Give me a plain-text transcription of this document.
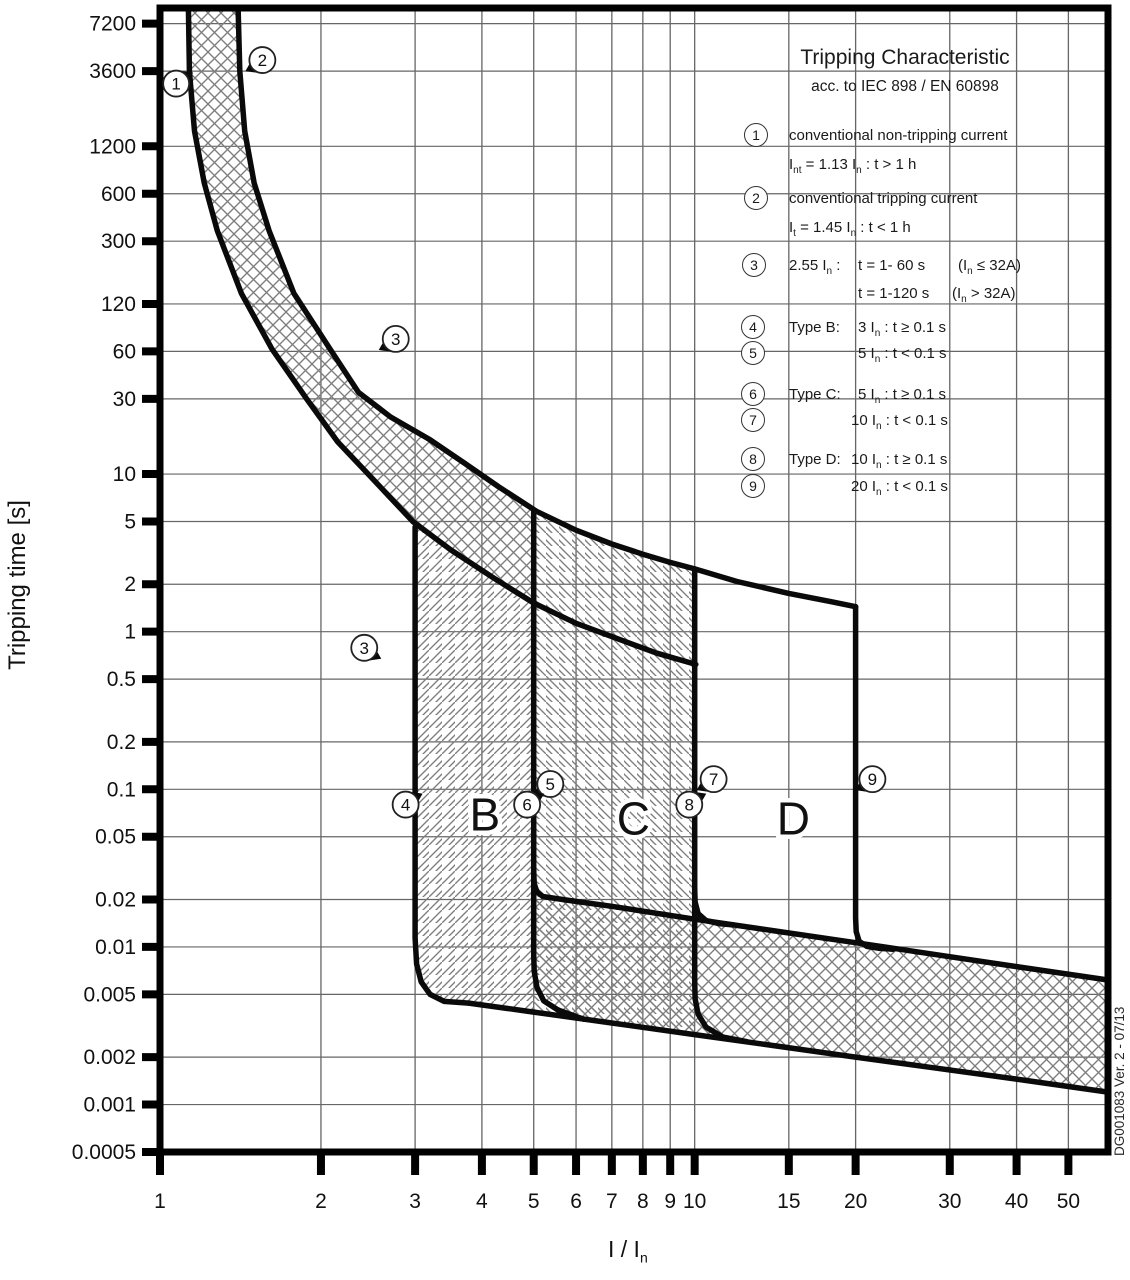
7200
3600
1200
600
300
120
60
30
10
5
2
1
0.5
0.2
0.1
0.05
0.02
0.01
0.005
0.002
0.001
0.0005
1	2	3	4 5 6 7 8 9 10	15 20	30 40 50
B	C	D
1
2
3
3
4
5
6
7
8
9
Tripping Characteristic
acc. to IEC 898 / EN 60898
1
2
3
4
5
6
7
8
9
conventional non-tripping current
$I_{nt} = 1.13$ $I_n$ : t > 1 h
conventional tripping current
$I_t = 1.45$ $I_n$ : t < 1 h
2.55 $I_n$ : t = 1- 60 s $(I_n \le 32A)$
t = 1-120 s $(I_n > 32A)$
Type B: 3 $I_n$ : t ≥ 0.1 s
5 $I_n$ : t < 0.1 s
Type C: 5 $I_n$ : t ≥ 0.1 s
10 $I_n$ : t < 0.1 s
Type D: 10 $I_n$ : t ≥ 0.1 s
20 $I_n$ : t < 0.1 s
Tripping time [s]
I / $I_n$
DG001083 Ver. 2 - 07/13
